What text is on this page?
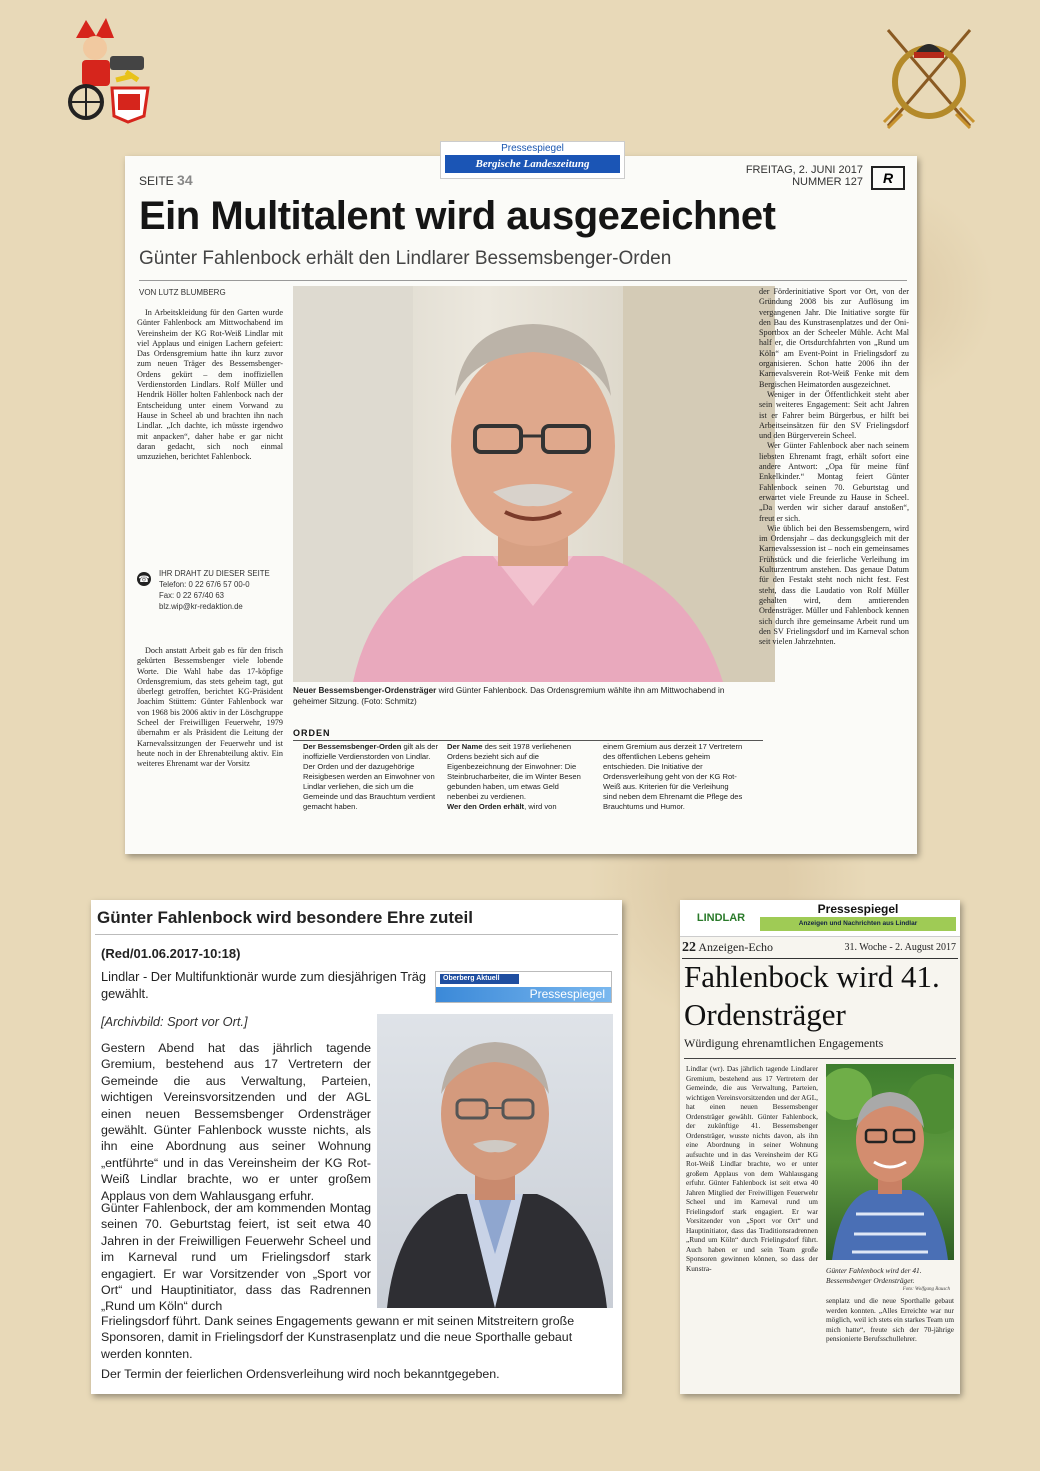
SEITE 34
FREITAG, 2. JUNI 2017
NUMMER 127	R
Ein Multitalent wird ausgezeichnet
Günter Fahlenbock erhält den Lindlarer Bessemsbenger-Orden
VON LUTZ BLUMBERG
In Arbeitskleidung für den Garten wurde Günter Fahlenbock am Mittwochabend im Vereinsheim der KG Rot-Weiß Lindlar mit viel Applaus und einigen Lachern gefeiert: Das Ordensgremium hatte ihn kurz zuvor zum neuen Träger des Bessemsbenger-Ordens gekürt – dem inoffiziellen Verdienstorden Lindlars. Rolf Müller und Hendrik Höller holten Fahlenbock nach der Entscheidung unter einem Vorwand zu Hause in Scheel ab und brachten ihn nach Lindlar. „Ich dachte, ich müsste irgendwo mit anpacken“, daher habe er gar nicht daran gedacht, sich noch einmal umzuziehen, berichtet Fahlenbock.
☎
IHR DRAHT ZU DIESER SEITE
Telefon: 0 22 67/6 57 00-0
Fax: 0 22 67/40 63
blz.wip@kr-redaktion.de
Doch anstatt Arbeit gab es für den frisch gekürten Bessemsbenger viele lobende Worte. Die Wahl habe das 17-köpfige Ordensgremium, das stets geheim tagt, gut überlegt getroffen, berichtet KG-Präsident Joachim Stüttem: Günter Fahlenbock war von 1968 bis 2006 aktiv in der Löschgruppe Scheel der Freiwilligen Feuerwehr, 1979 übernahm er als Präsident die Leitung der Karnevalssitzungen der Feuerwehr und ist heute noch in der Ehrenabteilung aktiv. Ein weiteres Ehrenamt war der Vorsitz
Neuer Bessemsbenger-Ordensträger wird Günter Fahlenbock. Das Ordensgremium wählte ihn am Mittwochabend in geheimer Sitzung. (Foto: Schmitz)
ORDEN
Der Bessemsbenger-Orden gilt als der inoffizielle Verdienstorden von Lindlar. Der Orden und der dazugehörige Reisigbesen werden an Einwohner von Lindlar verliehen, die sich um die Gemeinde und das Brauchtum verdient gemacht haben.
Der Name des seit 1978 verliehenen Ordens bezieht sich auf die Eigenbezeichnung der Einwohner: Die Steinbrucharbeiter, die im Winter Besen gebunden haben, um etwas Geld nebenbei zu verdienen.
Wer den Orden erhält, wird von
einem Gremium aus derzeit 17 Vertretern des öffentlichen Lebens geheim entschieden. Die Initiative der Ordensverleihung geht von der KG Rot-Weiß aus. Kriterien für die Verleihung sind neben dem Ehrenamt die Pflege des Brauchtums und Humor.

der Förderinitiative Sport vor Ort, von der Gründung 2008 bis zur Auflösung im vergangenen Jahr. Die Initiative sorgte für den Bau des Kunstrasenplatzes und der Oni-Sportbox an der Scheeler Mühle. Acht Mal half er, die Ortsdurchfahrten von „Rund um Köln“ am Event-Point in Frielingsdorf zu organisieren. Schon hatte 2006 ihn der Karnevalsverein Rot-Weiß Fenke mit dem Bergischen Heimatorden ausgezeichnet.

Weniger in der Öffentlichkeit steht aber sein weiteres Engagement: Seit acht Jahren ist er Fahrer beim Bürgerbus, er hilft bei Arbeitseinsätzen für den SV Frielingsdorf und den Bürgerverein Scheel.

Wer Günter Fahlenbock aber nach seinem liebsten Ehrenamt fragt, erhält sofort eine andere Antwort: „Opa für meine fünf Enkelkinder.“ Montag feiert Günter Fahlenbock seinen 70. Geburtstag und erwartet viele Freunde zu Hause in Scheel. „Da werden wir sicher darauf anstoßen“, freut er sich.

Wie üblich bei den Bessemsbengern, wird im Ordensjahr – das deckungsgleich mit der Karnevalssession ist – noch ein gemeinsames Frühstück und die feierliche Verleihung im Kulturzentrum anstehen. Das genaue Datum für den Festakt steht noch nicht fest. Fest steht, dass die Laudatio von Rolf Müller gehalten wird, dem amtierenden Ordensträger. Müller und Fahlenbock kennen sich durch ihre gemeinsame Arbeit rund um den SV Frielingsdorf und im Karneval schon seit vielen Jahrzehnten.

Pressespiegel
Bergische Landeszeitung
Günter Fahlenbock wird besondere Ehre zuteil
(Red/01.06.2017-10:18)
Lindlar - Der Multifunktionär wurde zum diesjährigen Träg
gewählt.
[Archivbild: Sport vor Ort.]
Gestern Abend hat das jährlich tagende Gremium, bestehend aus 17 Vertretern der Gemeinde die aus Verwaltung, Parteien, wichtigen Vereinsvorsitzenden und der AGL einen neuen Bessemsbenger Ordensträger gewählt. Günter Fahlenbock wusste nichts, als ihn eine Abordnung aus seiner Wohnung „entführte“ und in das Vereinsheim der KG Rot-Weiß Lindlar brachte, wo er unter großem Applaus von dem Wahlausgang erfuhr.
Günter Fahlenbock, der am kommenden Montag seinen 70. Geburtstag feiert, ist seit etwa 40 Jahren in der Freiwilligen Feuerwehr Scheel und im Karneval rund um Frielingsdorf stark engagiert. Er war Vorsitzender von „Sport vor Ort“ und Hauptinitiator, dass das Radrennen „Rund um Köln“ durch
Frielingsdorf führt. Dank seines Engagements gewann er mit seinen Mitstreitern große Sponsoren, damit in Frielingsdorf der Kunstrasenplatz und die neue Sporthalle gebaut werden konnten.
Der Termin der feierlichen Ordensverleihung wird noch bekanntgegeben.
Oberberg Aktuell
Pressespiegel
LINDLAR
Pressespiegel
Anzeigen und Nachrichten aus Lindlar
22 Anzeigen-Echo	31. Woche - 2. August 2017
Fahlenbock wird 41. Ordensträger
Würdigung ehrenamtlichen Engagements
Lindlar (wr). Das jährlich tagende Lindlarer Gremium, bestehend aus 17 Vertretern der Gemeinde, die aus Verwaltung, Parteien, wichtigen Vereinsvorsitzenden und der AGL, hat einen neuen Bessemsbenger Ordensträger gewählt. Günter Fahlenbock, der zukünftige 41. Bessemsbenger Ordensträger, wusste nichts davon, als ihn eine Abordnung in seiner Wohnung aufsuchte und in das Vereinsheim der KG Rot-Weiß Lindlar brachte, wo er unter großem Applaus von dem Wahlausgang erfuhr. Günter Fahlenbock ist seit etwa 40 Jahren Mitglied der Freiwilligen Feuerwehr Scheel und im Karneval rund um Frielingsdorf stark engagiert. Er war Vorsitzender von „Sport vor Ort“ und Hauptinitiator, dass das Traditionsradrennen „Rund um Köln“ durch Frielingsdorf führt. Auch haben er und sein Team große Sponsoren gewinnen können, so dass der Kunstra-	Günter Fahlenbock wird der 41. Bessemsbenger Ordensträger.
Foto: Wolfgang Rausch
senplatz und die neue Sporthalle gebaut werden konnten. „Alles Erreichte war nur möglich, weil ich stets ein starkes Team um mich hatte“, freute sich der 70-jährige pensionierte Berufsschullehrer.
